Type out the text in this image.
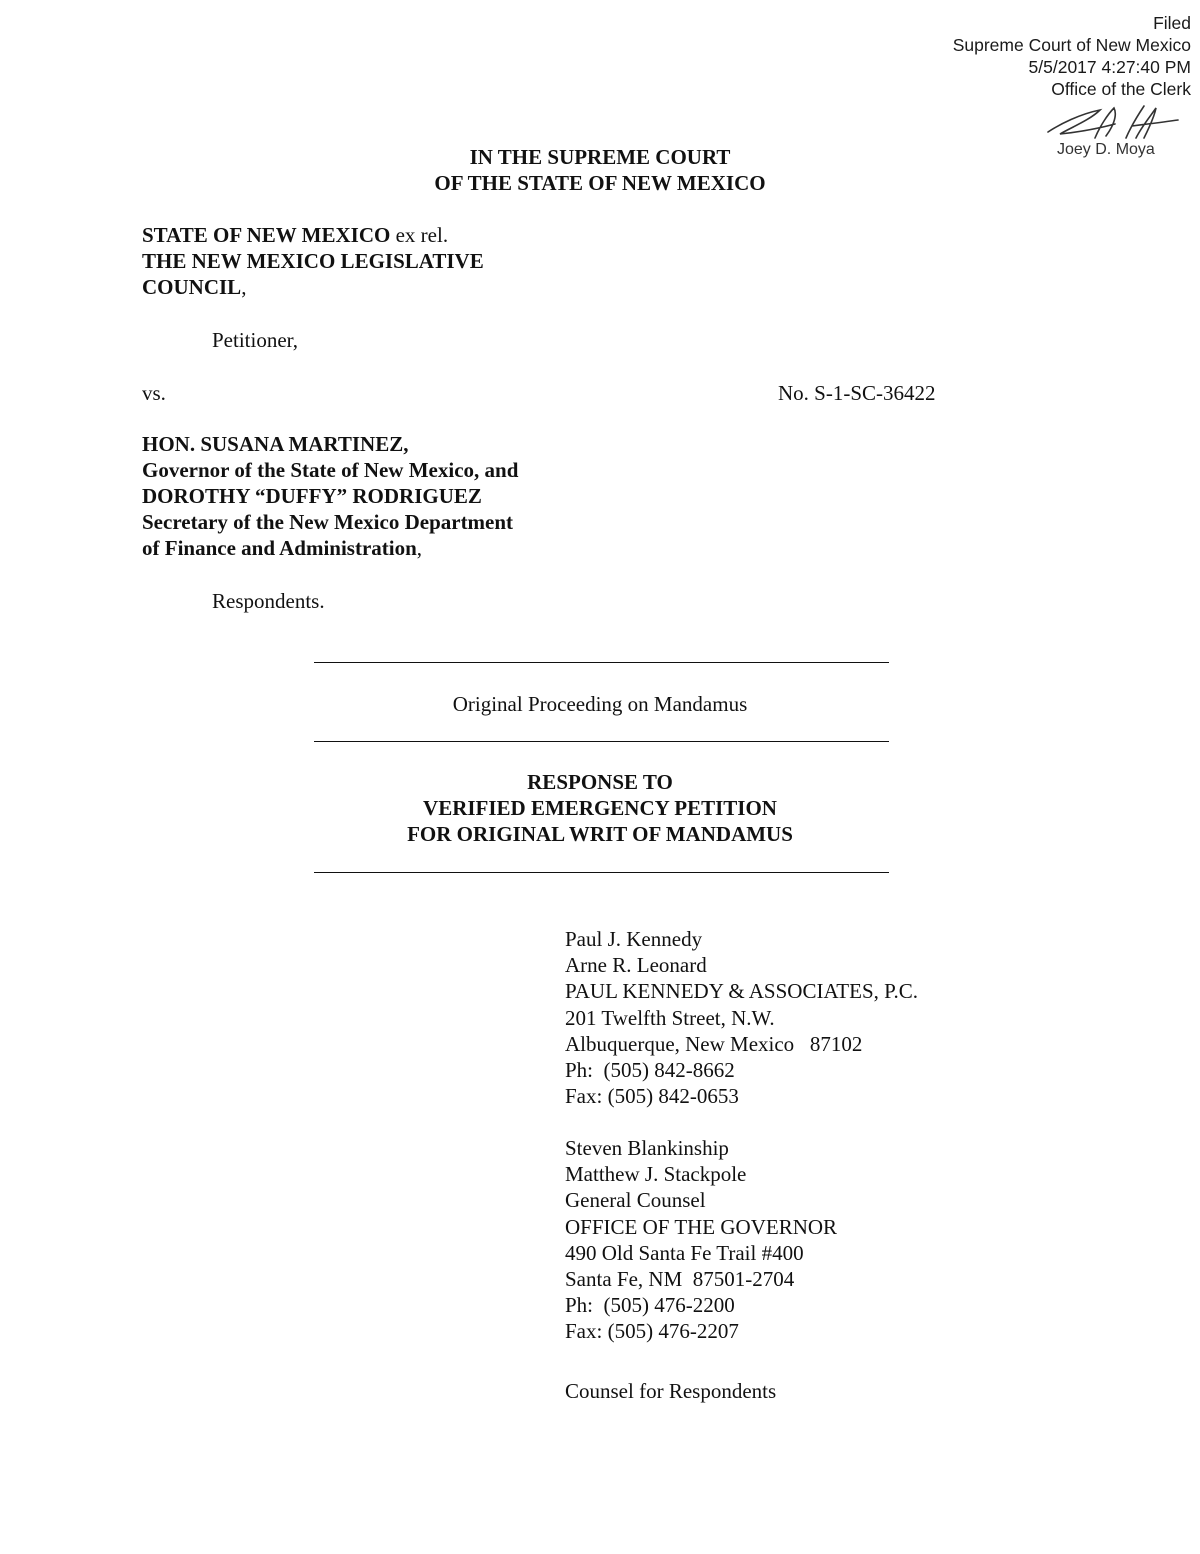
Filed
Supreme Court of New Mexico
5/5/2017 4:27:40 PM
Office of the Clerk
Joey D. Moya
IN THE SUPREME COURT
OF THE STATE OF NEW MEXICO
STATE OF NEW MEXICO ex rel.
THE NEW MEXICO LEGISLATIVE
COUNCIL,
Petitioner,
vs.	No. S-1-SC-36422
HON. SUSANA MARTINEZ,
Governor of the State of New Mexico, and
DOROTHY “DUFFY” RODRIGUEZ
Secretary of the New Mexico Department
of Finance and Administration,
Respondents.
Original Proceeding on Mandamus
RESPONSE TO
VERIFIED EMERGENCY PETITION
FOR ORIGINAL WRIT OF MANDAMUS
Paul J. Kennedy
Arne R. Leonard
PAUL KENNEDY & ASSOCIATES, P.C.
201 Twelfth Street, N.W.
Albuquerque, New Mexico   87102
Ph:  (505) 842-8662
Fax: (505) 842-0653
Steven Blankinship
Matthew J. Stackpole
General Counsel
OFFICE OF THE GOVERNOR
490 Old Santa Fe Trail #400
Santa Fe, NM  87501-2704
Ph:  (505) 476-2200
Fax: (505) 476-2207
Counsel for Respondents
